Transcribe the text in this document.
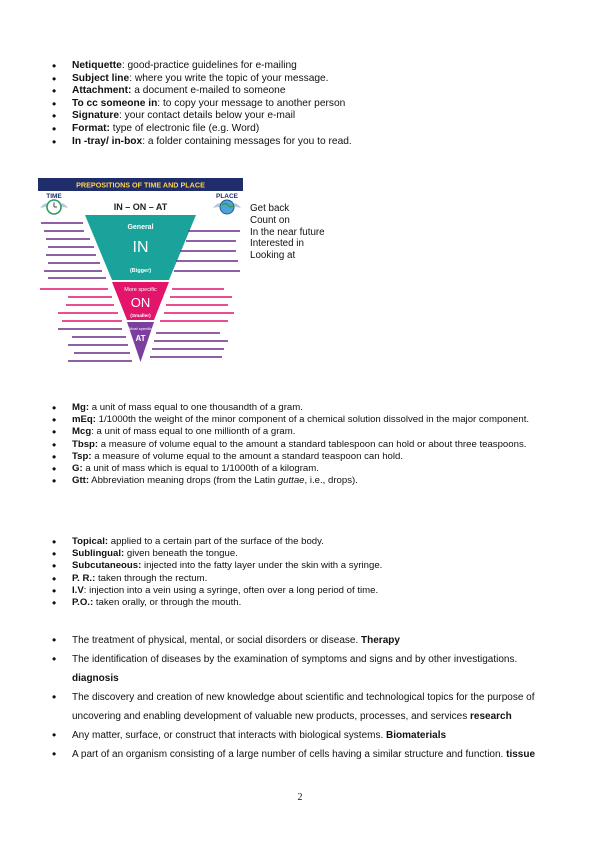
• Netiquette: good-practice guidelines for e-mailing
• Subject line: where you write the topic of your message.
• Attachment: a document e-mailed to someone
• To cc someone in: to copy your message to another person
• Signature: your contact details below your e-mail
• Format: type of electronic file (e.g. Word)
• In -tray/ in-box: a folder containing messages for you to read.
PREPOSITIONS OF TIME AND PLACE
TIME	PLACE
IN – ON – AT
General
IN
(Bigger)
More specific
ON
(Smaller)
Most specific
AT
Get back
Count on
In the near future
Interested in
Looking at
• Mg: a unit of mass equal to one thousandth of a gram.
• mEq: 1/1000th the weight of the minor component of a chemical solution dissolved in the major component.
• Mcg: a unit of mass equal to one millionth of a gram.
• Tbsp: a measure of volume equal to the amount a standard tablespoon can hold or about three teaspoons.
• Tsp: a measure of volume equal to the amount a standard teaspoon can hold.
• G: a unit of mass which is equal to 1/1000th of a kilogram.
• Gtt: Abbreviation meaning drops (from the Latin guttae, i.e., drops).
• Topical: applied to a certain part of the surface of the body.
• Sublingual: given beneath the tongue.
• Subcutaneous: injected into the fatty layer under the skin with a syringe.
• P. R.: taken through the rectum.
• I.V: injection into a vein using a syringe, often over a long period of time.
• P.O.: taken orally, or through the mouth.
• The treatment of physical, mental, or social disorders or disease. Therapy
• The identification of diseases by the examination of symptoms and signs and by other investigations. diagnosis
• The discovery and creation of new knowledge about scientific and technological topics for the purpose of uncovering and enabling development of valuable new products, processes, and services research
• Any matter, surface, or construct that interacts with biological systems. Biomaterials
• A part of an organism consisting of a large number of cells having a similar structure and function. tissue
2
